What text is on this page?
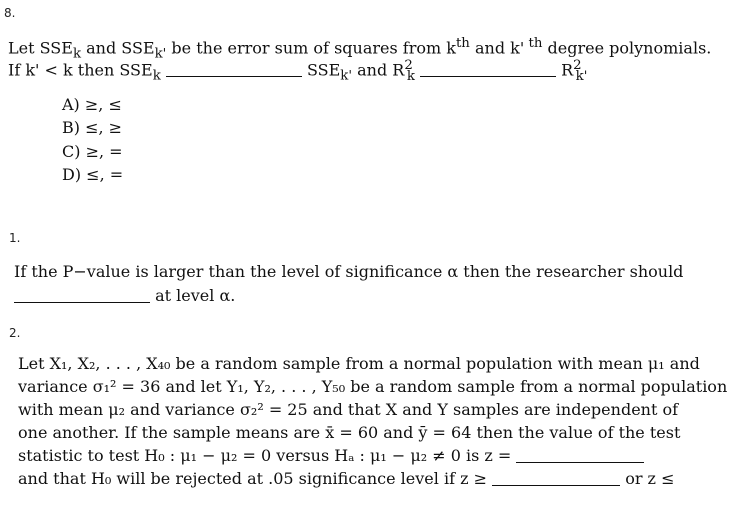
8.
Let $SSE_k$ and $SSE_{k'}$ be the error sum of squares from $k^{th}$ and k' $^{th}$ degree polynomials.
If k' < k then $SSE_k$	$SSE_{k'}$ and $R^2_k$	$R^2_{k'}$
A) ≥, ≤
B) ≤, ≥
C) ≥, =
D) ≤, =
1.
If the P−value is larger than the level of significance α then the researcher should
at level α.
2.
Let X₁, X₂, . . . , X₄₀ be a random sample from a normal population with mean μ₁ and
variance σ₁² = 36 and let Y₁, Y₂, . . . , Y₅₀ be a random sample from a normal population
with mean μ₂ and variance σ₂² = 25 and that X and Y samples are independent of
one another. If the sample means are x̄ = 60 and ȳ = 64 then the value of the test
statistic to test H₀ : μ₁ − μ₂ = 0 versus Hₐ : μ₁ − μ₂ ≠ 0 is z =
and that H₀ will be rejected at .05 significance level if z ≥	or z ≤
